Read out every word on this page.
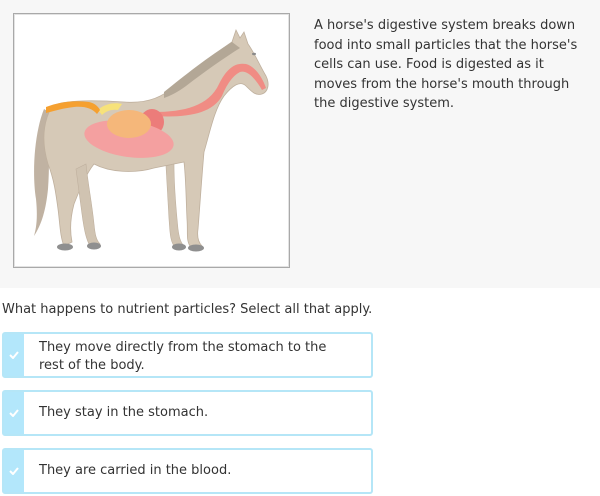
A horse's digestive system breaks down food into small particles that the horse's cells can use. Food is digested as it moves from the horse's mouth through the digestive system.
What happens to nutrient particles? Select all that apply.
They move directly from the stomach to the rest of the body.
They stay in the stomach.
They are carried in the blood.
